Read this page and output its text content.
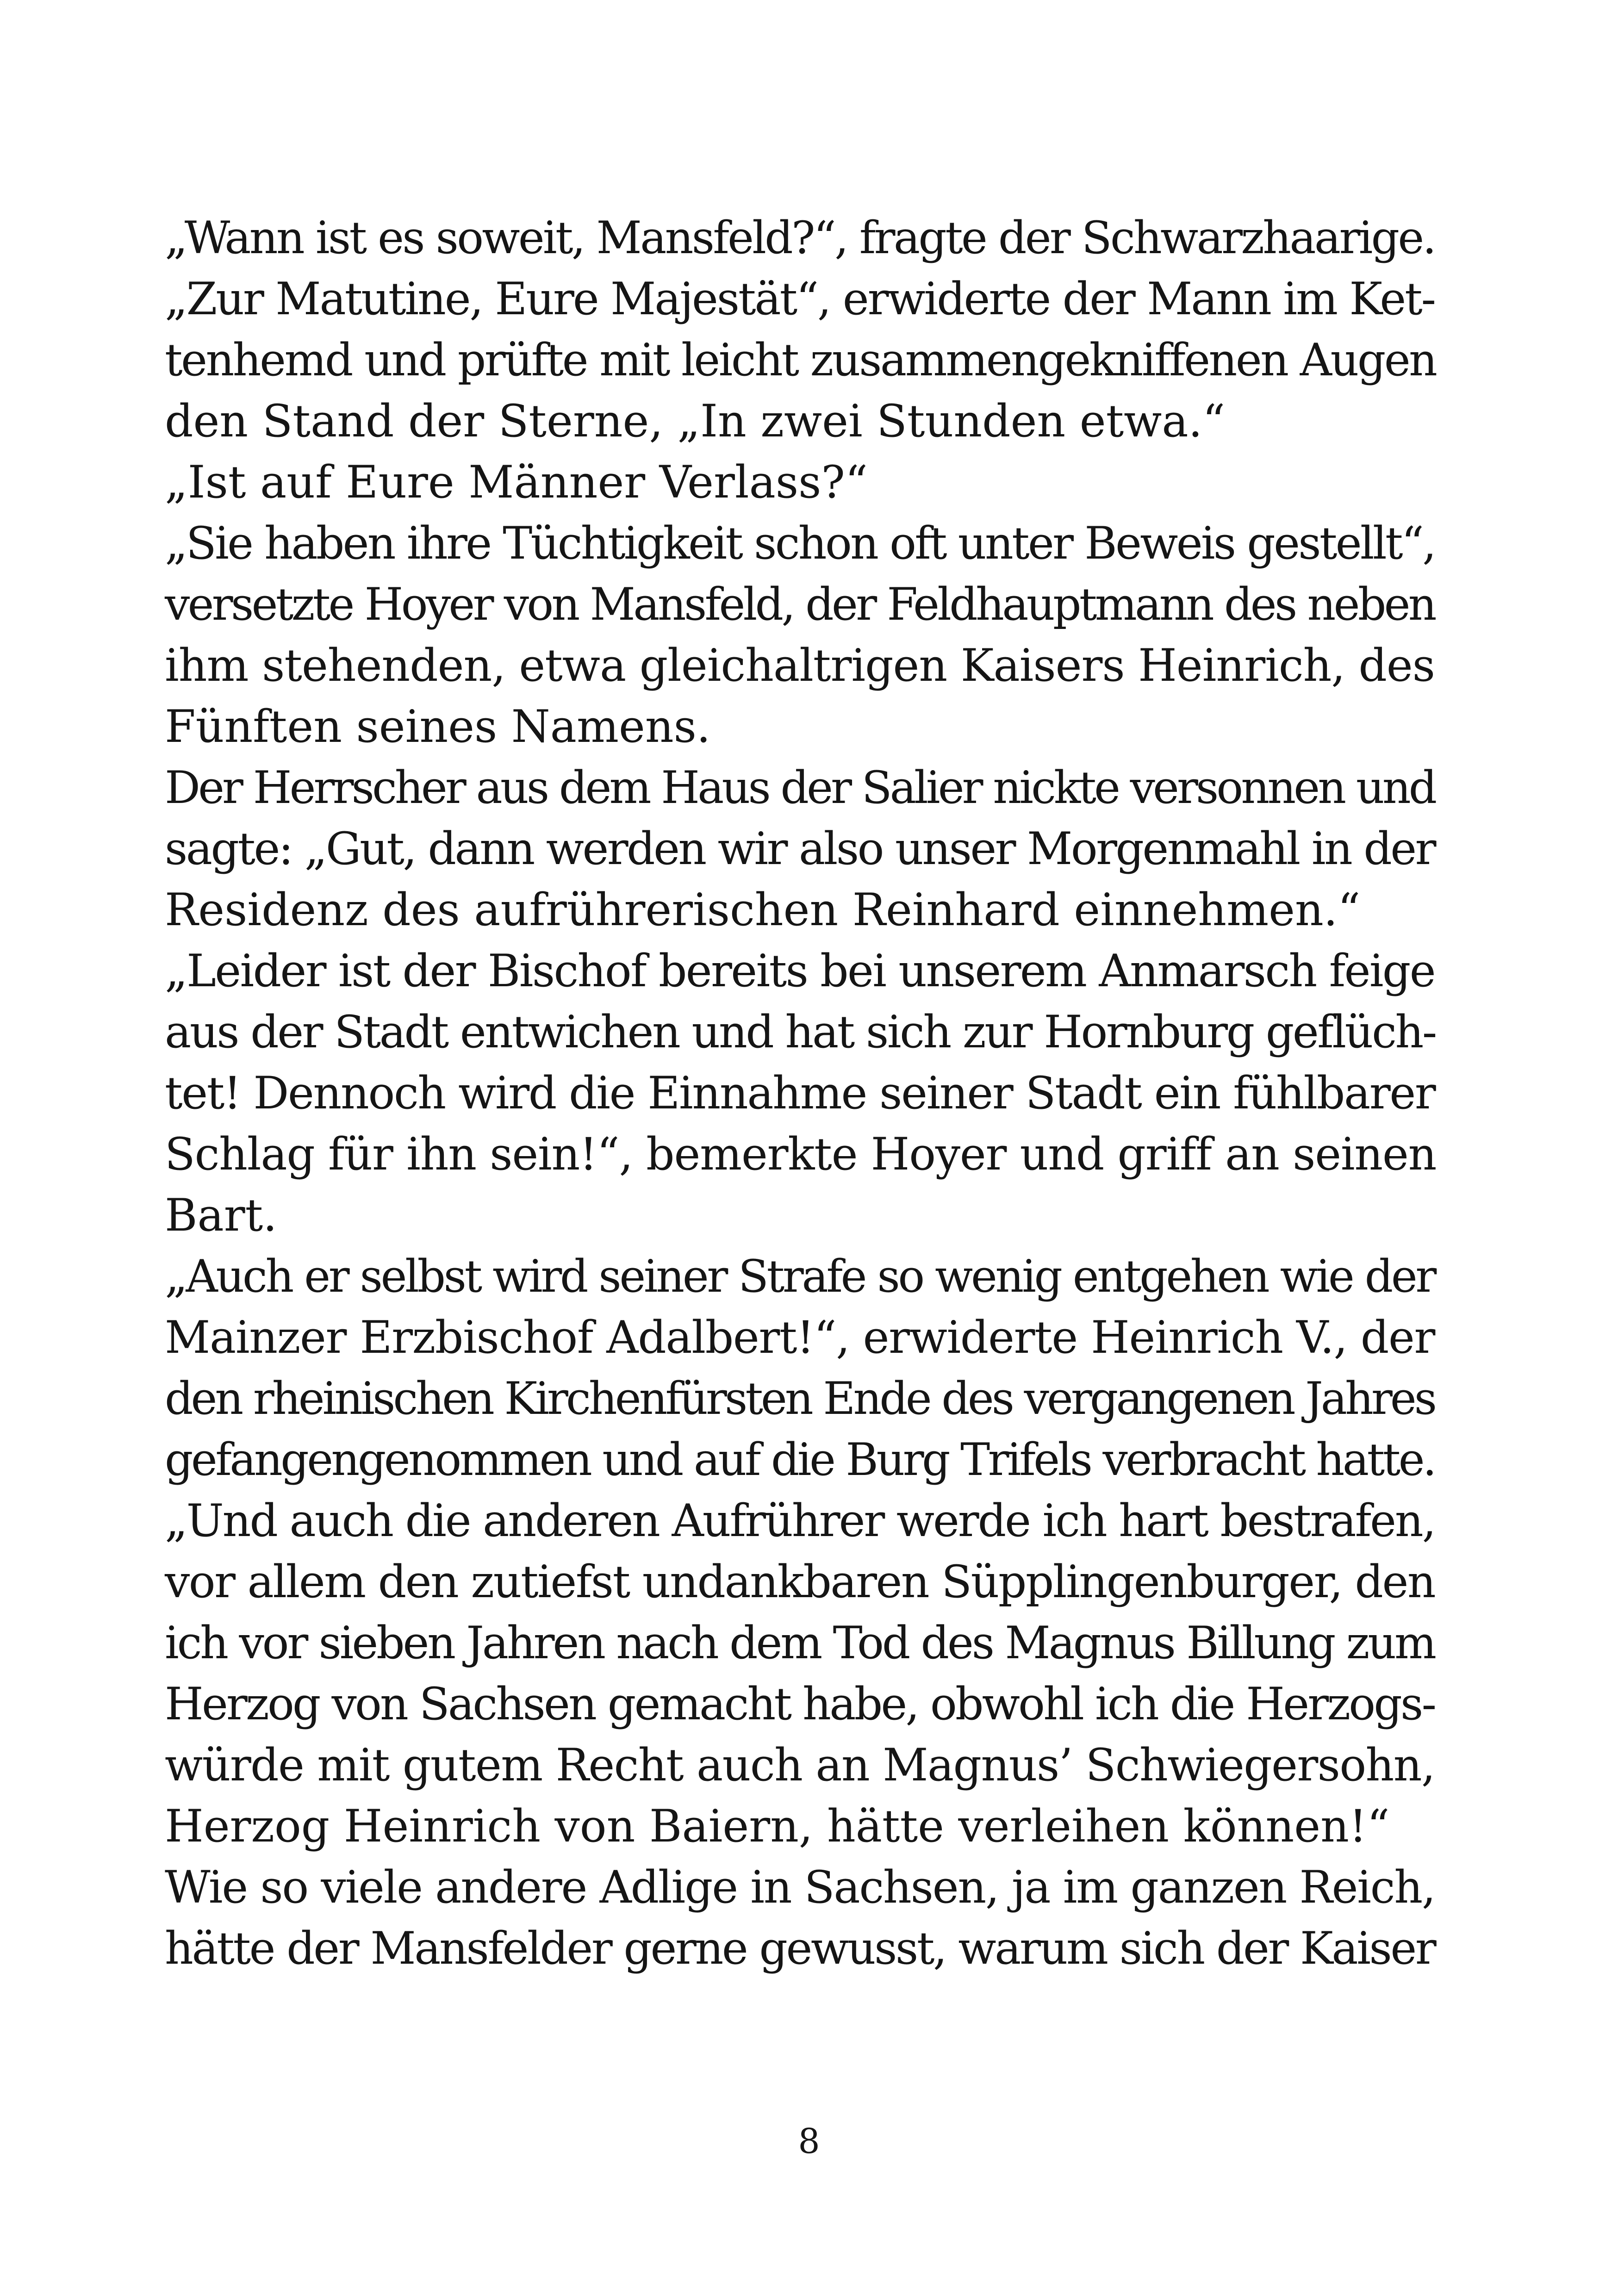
„Wann ist es soweit, Mansfeld?“, fragte der Schwarzhaarige.
„Zur Matutine, Eure Majestät“, erwiderte der Mann im Ket-
tenhemd und prüfte mit leicht zusammengekniffenen Augen
den Stand der Sterne, „In zwei Stunden etwa.“
„Ist auf Eure Männer Verlass?“
„Sie haben ihre Tüchtigkeit schon oft unter Beweis gestellt“,
versetzte Hoyer von Mansfeld, der Feldhauptmann des neben
ihm stehenden, etwa gleichaltrigen Kaisers Heinrich, des
Fünften seines Namens.
Der Herrscher aus dem Haus der Salier nickte versonnen und
sagte: „Gut, dann werden wir also unser Morgenmahl in der
Residenz des aufrührerischen Reinhard einnehmen.“
„Leider ist der Bischof bereits bei unserem Anmarsch feige
aus der Stadt entwichen und hat sich zur Hornburg geflüch-
tet! Dennoch wird die Einnahme seiner Stadt ein fühlbarer
Schlag für ihn sein!“, bemerkte Hoyer und griff an seinen
Bart.
„Auch er selbst wird seiner Strafe so wenig entgehen wie der
Mainzer Erzbischof Adalbert!“, erwiderte Heinrich V., der
den rheinischen Kirchenfürsten Ende des vergangenen Jahres
gefangengenommen und auf die Burg Trifels verbracht hatte.
„Und auch die anderen Aufrührer werde ich hart bestrafen,
vor allem den zutiefst undankbaren Süpplingenburger, den
ich vor sieben Jahren nach dem Tod des Magnus Billung zum
Herzog von Sachsen gemacht habe, obwohl ich die Herzogs-
würde mit gutem Recht auch an Magnus’ Schwiegersohn,
Herzog Heinrich von Baiern, hätte verleihen können!“
Wie so viele andere Adlige in Sachsen, ja im ganzen Reich,
hätte der Mansfelder gerne gewusst, warum sich der Kaiser
8
